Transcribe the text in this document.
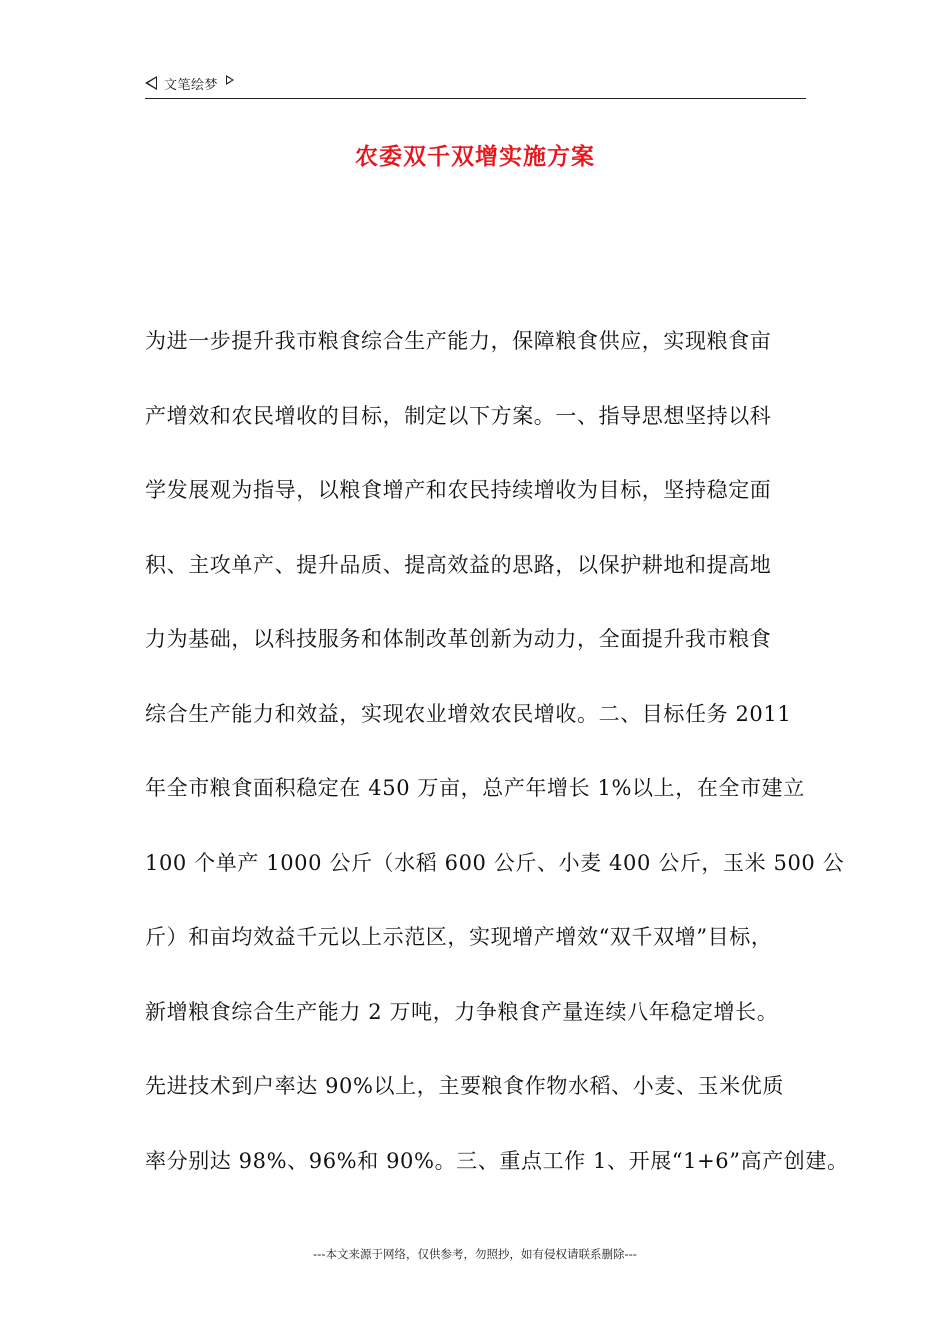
文笔绘梦
农委双千双增实施方案
为进一步提升我市粮食综合生产能力，保障粮食供应，实现粮食亩
产增效和农民增收的目标，制定以下方案。一、指导思想坚持以科
学发展观为指导，以粮食增产和农民持续增收为目标，坚持稳定面
积、主攻单产、提升品质、提高效益的思路，以保护耕地和提高地
力为基础，以科技服务和体制改革创新为动力，全面提升我市粮食
综合生产能力和效益，实现农业增效农民增收。二、目标任务 2011
年全市粮食面积稳定在 450 万亩，总产年增长 1%以上，在全市建立
100 个单产 1000 公斤（水稻 600 公斤、小麦 400 公斤，玉米 500 公
斤）和亩均效益千元以上示范区，实现增产增效“双千双增”目标，
新增粮食综合生产能力 2 万吨，力争粮食产量连续八年稳定增长。
先进技术到户率达 90%以上，主要粮食作物水稻、小麦、玉米优质
率分别达 98%、96%和 90%。三、重点工作 1、开展“1+6”高产创建。
---本文来源于网络，仅供参考，勿照抄，如有侵权请联系删除---
